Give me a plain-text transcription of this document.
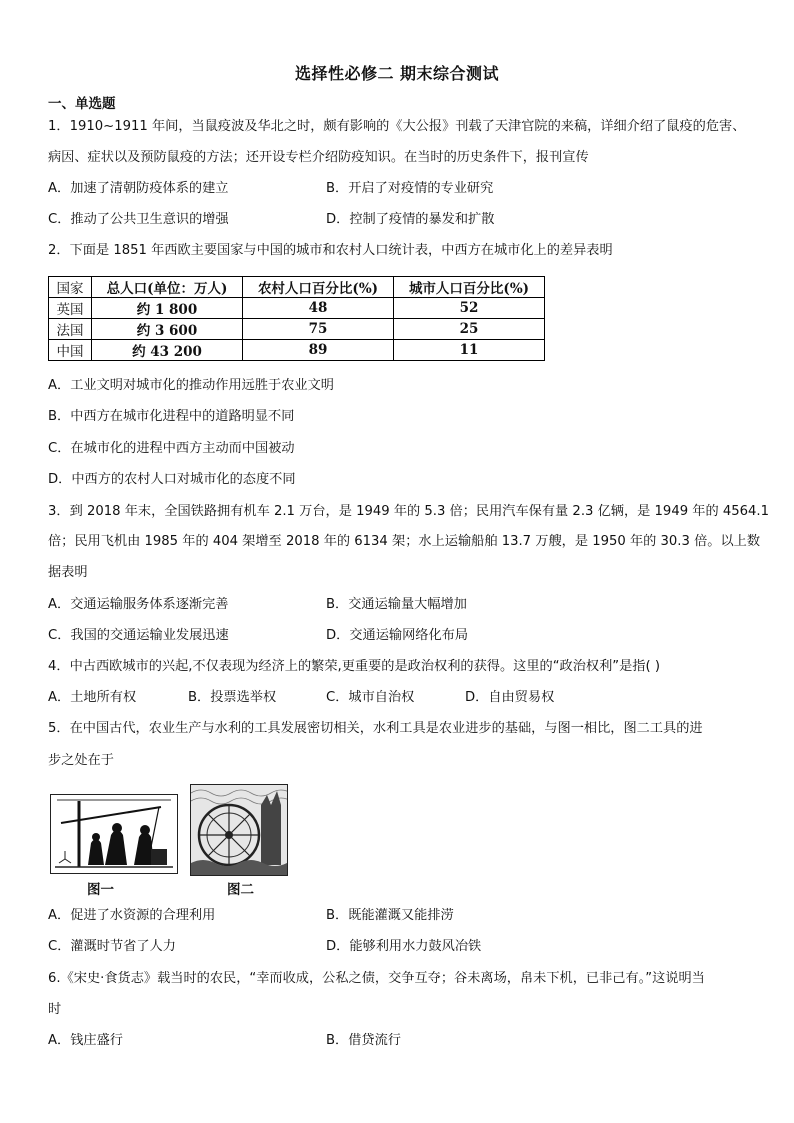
选择性必修二 期末综合测试
一、单选题
1．1910~1911 年间，当鼠疫波及华北之时，颇有影响的《大公报》刊载了天津官院的来稿，详细介绍了鼠疫的危害、
病因、症状以及预防鼠疫的方法；还开设专栏介绍防疫知识。在当时的历史条件下，报刊宣传
A．加速了清朝防疫体系的建立	B．开启了对疫情的专业研究
C．推动了公共卫生意识的增强	D．控制了疫情的暴发和扩散
2．下面是 1851 年西欧主要国家与中国的城市和农村人口统计表，中西方在城市化上的差异表明
国家	总人口(单位：万人)	农村人口百分比(%)	城市人口百分比(%)
英国	约 1 800	48	52
法国	约 3 600	75	25
中国	约 43 200	89	11
A．工业文明对城市化的推动作用远胜于农业文明
B．中西方在城市化进程中的道路明显不同
C．在城市化的进程中西方主动而中国被动
D．中西方的农村人口对城市化的态度不同
3．到 2018 年末，全国铁路拥有机车 2.1 万台，是 1949 年的 5.3 倍；民用汽车保有量 2.3 亿辆，是 1949 年的 4564.1
倍；民用飞机由 1985 年的 404 架增至 2018 年的 6134 架；水上运输船舶 13.7 万艘，是 1950 年的 30.3 倍。以上数
据表明
A．交通运输服务体系逐渐完善	B．交通运输量大幅增加
C．我国的交通运输业发展迅速	D．交通运输网络化布局
4．中古西欧城市的兴起,不仅表现为经济上的繁荣,更重要的是政治权利的获得。这里的“政治权利”是指( )
A．土地所有权	B．投票选举权	C．城市自治权	D．自由贸易权
5．在中国古代，农业生产与水利的工具发展密切相关，水利工具是农业进步的基础，与图一相比，图二工具的进
步之处在于
图一	图二
A．促进了水资源的合理利用	B．既能灌溉又能排涝
C．灌溉时节省了人力	D．能够利用水力鼓风冶铁
6.《宋史·食货志》载当时的农民，“幸而收成，公私之债，交争互夺；谷未离场，帛未下机，已非己有。”这说明当
时
A．钱庄盛行	B．借贷流行
